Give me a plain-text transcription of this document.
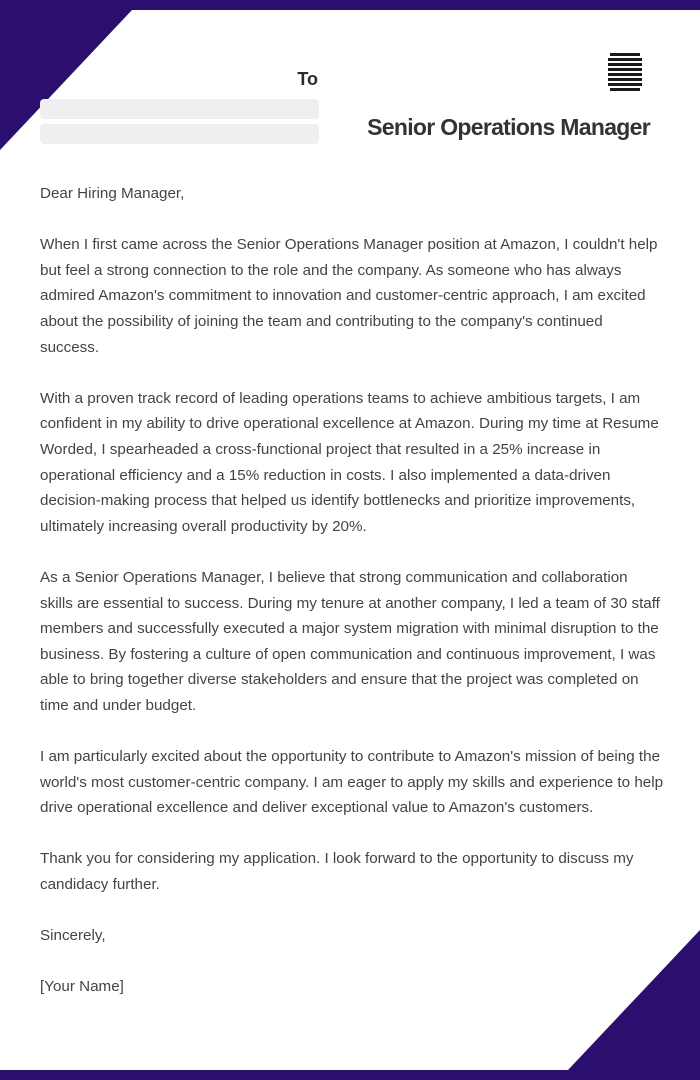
To
Senior Operations Manager

Dear Hiring Manager,

When I first came across the Senior Operations Manager position at Amazon, I couldn't help but feel a strong connection to the role and the company. As someone who has always admired Amazon's commitment to innovation and customer-centric approach, I am excited about the possibility of joining the team and contributing to the company's continued success.

With a proven track record of leading operations teams to achieve ambitious targets, I am confident in my ability to drive operational excellence at Amazon. During my time at Resume Worded, I spearheaded a cross-functional project that resulted in a 25% increase in operational efficiency and a 15% reduction in costs. I also implemented a data-driven decision-making process that helped us identify bottlenecks and prioritize improvements, ultimately increasing overall productivity by 20%.

As a Senior Operations Manager, I believe that strong communication and collaboration skills are essential to success. During my tenure at another company, I led a team of 30 staff members and successfully executed a major system migration with minimal disruption to the business. By fostering a culture of open communication and continuous improvement, I was able to bring together diverse stakeholders and ensure that the project was completed on time and under budget.

I am particularly excited about the opportunity to contribute to Amazon's mission of being the world's most customer-centric company. I am eager to apply my skills and experience to help drive operational excellence and deliver exceptional value to Amazon's customers.

Thank you for considering my application. I look forward to the opportunity to discuss my candidacy further.

Sincerely,

[Your Name]
